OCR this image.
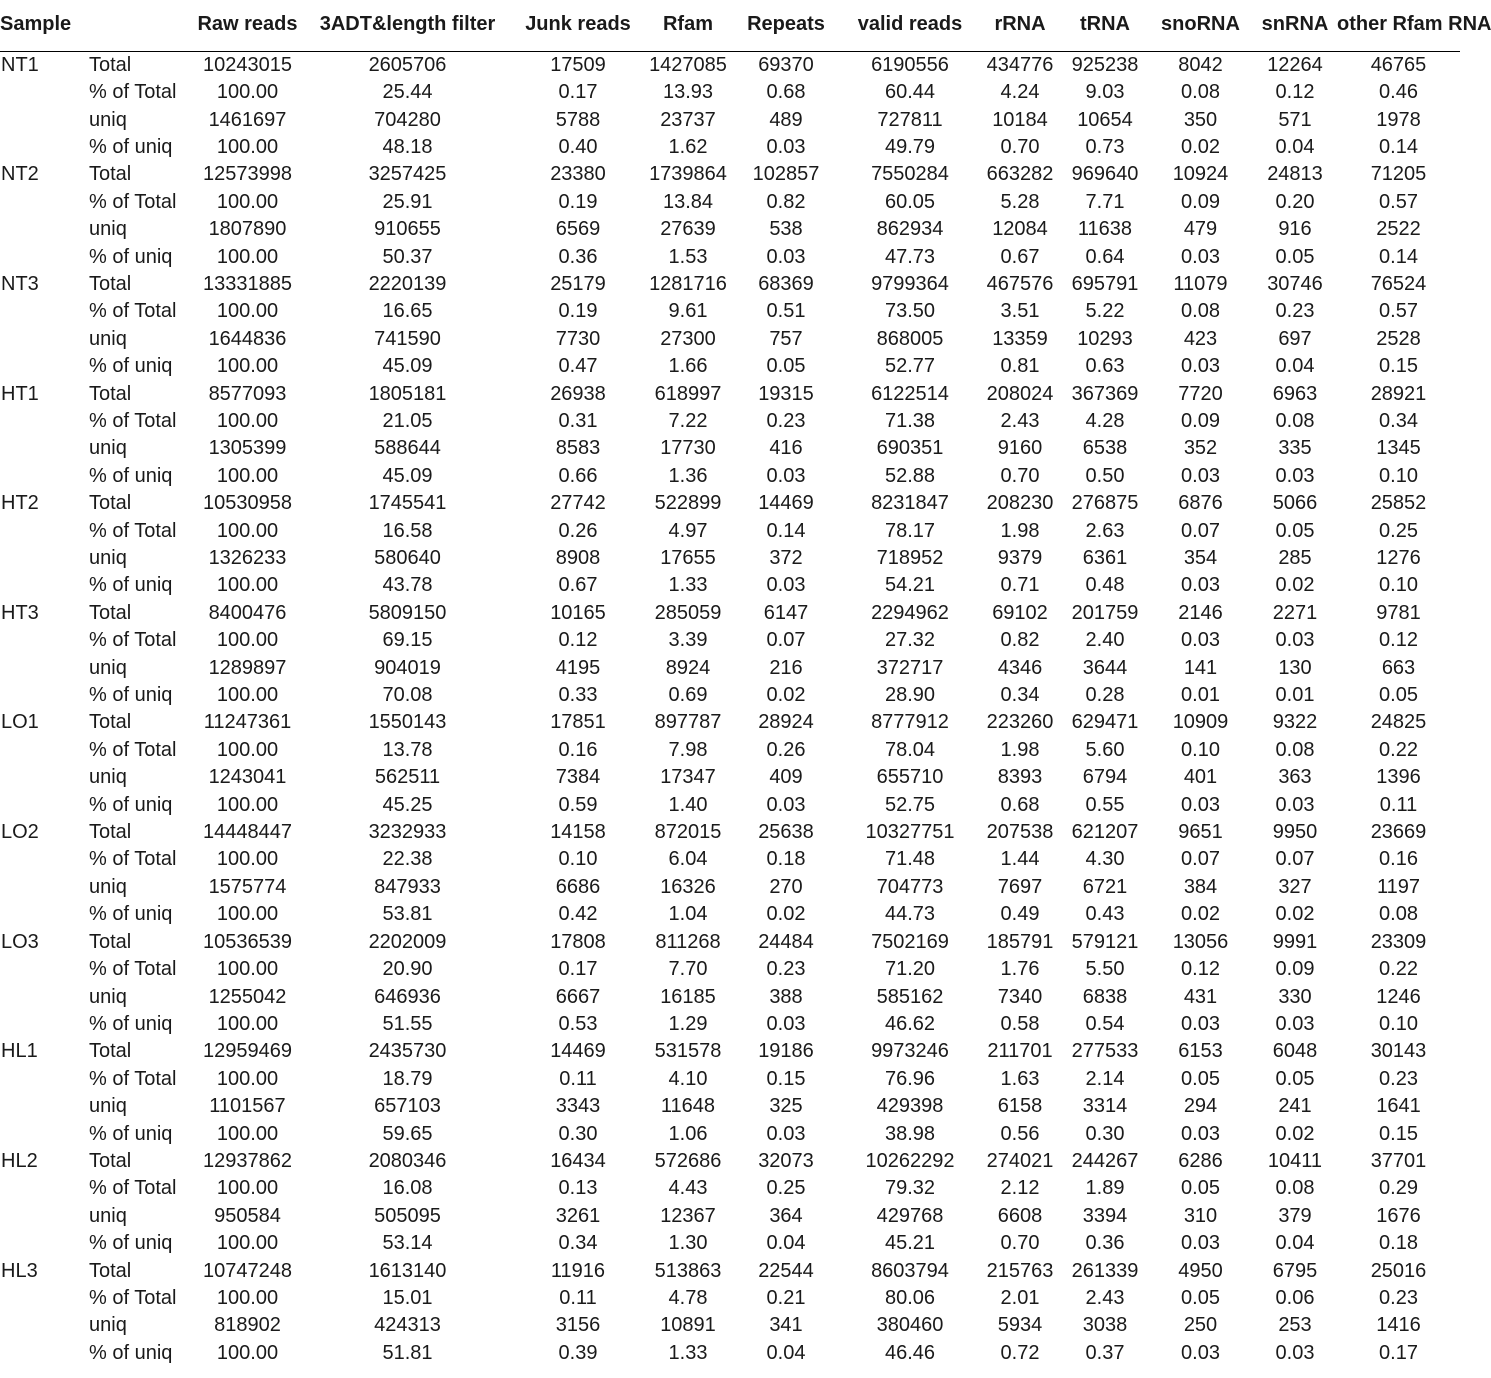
Sample		Raw reads	3ADT&length filter	Junk reads	Rfam	Repeats	valid reads	rRNA	tRNA	snoRNA	snRNA	other Rfam RNA
NT1	Total	10243015	2605706	17509	1427085	69370	6190556	434776	925238	8042	12264	46765
	% of Total	100.00	25.44	0.17	13.93	0.68	60.44	4.24	9.03	0.08	0.12	0.46
	uniq	1461697	704280	5788	23737	489	727811	10184	10654	350	571	1978
	% of uniq	100.00	48.18	0.40	1.62	0.03	49.79	0.70	0.73	0.02	0.04	0.14
NT2	Total	12573998	3257425	23380	1739864	102857	7550284	663282	969640	10924	24813	71205
	% of Total	100.00	25.91	0.19	13.84	0.82	60.05	5.28	7.71	0.09	0.20	0.57
	uniq	1807890	910655	6569	27639	538	862934	12084	11638	479	916	2522
	% of uniq	100.00	50.37	0.36	1.53	0.03	47.73	0.67	0.64	0.03	0.05	0.14
NT3	Total	13331885	2220139	25179	1281716	68369	9799364	467576	695791	11079	30746	76524
	% of Total	100.00	16.65	0.19	9.61	0.51	73.50	3.51	5.22	0.08	0.23	0.57
	uniq	1644836	741590	7730	27300	757	868005	13359	10293	423	697	2528
	% of uniq	100.00	45.09	0.47	1.66	0.05	52.77	0.81	0.63	0.03	0.04	0.15
HT1	Total	8577093	1805181	26938	618997	19315	6122514	208024	367369	7720	6963	28921
	% of Total	100.00	21.05	0.31	7.22	0.23	71.38	2.43	4.28	0.09	0.08	0.34
	uniq	1305399	588644	8583	17730	416	690351	9160	6538	352	335	1345
	% of uniq	100.00	45.09	0.66	1.36	0.03	52.88	0.70	0.50	0.03	0.03	0.10
HT2	Total	10530958	1745541	27742	522899	14469	8231847	208230	276875	6876	5066	25852
	% of Total	100.00	16.58	0.26	4.97	0.14	78.17	1.98	2.63	0.07	0.05	0.25
	uniq	1326233	580640	8908	17655	372	718952	9379	6361	354	285	1276
	% of uniq	100.00	43.78	0.67	1.33	0.03	54.21	0.71	0.48	0.03	0.02	0.10
HT3	Total	8400476	5809150	10165	285059	6147	2294962	69102	201759	2146	2271	9781
	% of Total	100.00	69.15	0.12	3.39	0.07	27.32	0.82	2.40	0.03	0.03	0.12
	uniq	1289897	904019	4195	8924	216	372717	4346	3644	141	130	663
	% of uniq	100.00	70.08	0.33	0.69	0.02	28.90	0.34	0.28	0.01	0.01	0.05
LO1	Total	11247361	1550143	17851	897787	28924	8777912	223260	629471	10909	9322	24825
	% of Total	100.00	13.78	0.16	7.98	0.26	78.04	1.98	5.60	0.10	0.08	0.22
	uniq	1243041	562511	7384	17347	409	655710	8393	6794	401	363	1396
	% of uniq	100.00	45.25	0.59	1.40	0.03	52.75	0.68	0.55	0.03	0.03	0.11
LO2	Total	14448447	3232933	14158	872015	25638	10327751	207538	621207	9651	9950	23669
	% of Total	100.00	22.38	0.10	6.04	0.18	71.48	1.44	4.30	0.07	0.07	0.16
	uniq	1575774	847933	6686	16326	270	704773	7697	6721	384	327	1197
	% of uniq	100.00	53.81	0.42	1.04	0.02	44.73	0.49	0.43	0.02	0.02	0.08
LO3	Total	10536539	2202009	17808	811268	24484	7502169	185791	579121	13056	9991	23309
	% of Total	100.00	20.90	0.17	7.70	0.23	71.20	1.76	5.50	0.12	0.09	0.22
	uniq	1255042	646936	6667	16185	388	585162	7340	6838	431	330	1246
	% of uniq	100.00	51.55	0.53	1.29	0.03	46.62	0.58	0.54	0.03	0.03	0.10
HL1	Total	12959469	2435730	14469	531578	19186	9973246	211701	277533	6153	6048	30143
	% of Total	100.00	18.79	0.11	4.10	0.15	76.96	1.63	2.14	0.05	0.05	0.23
	uniq	1101567	657103	3343	11648	325	429398	6158	3314	294	241	1641
	% of uniq	100.00	59.65	0.30	1.06	0.03	38.98	0.56	0.30	0.03	0.02	0.15
HL2	Total	12937862	2080346	16434	572686	32073	10262292	274021	244267	6286	10411	37701
	% of Total	100.00	16.08	0.13	4.43	0.25	79.32	2.12	1.89	0.05	0.08	0.29
	uniq	950584	505095	3261	12367	364	429768	6608	3394	310	379	1676
	% of uniq	100.00	53.14	0.34	1.30	0.04	45.21	0.70	0.36	0.03	0.04	0.18
HL3	Total	10747248	1613140	11916	513863	22544	8603794	215763	261339	4950	6795	25016
	% of Total	100.00	15.01	0.11	4.78	0.21	80.06	2.01	2.43	0.05	0.06	0.23
	uniq	818902	424313	3156	10891	341	380460	5934	3038	250	253	1416
	% of uniq	100.00	51.81	0.39	1.33	0.04	46.46	0.72	0.37	0.03	0.03	0.17
